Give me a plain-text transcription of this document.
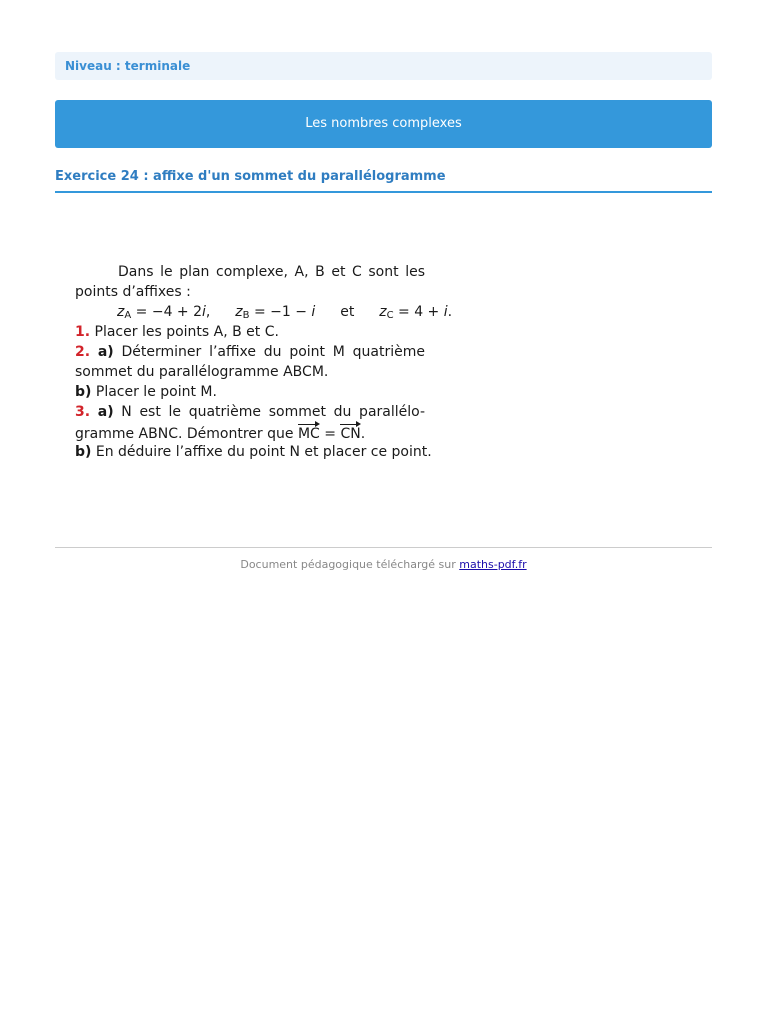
Niveau : terminale
Les nombres complexes
Exercice 24 : affixe d'un sommet du parallélogramme
Dans le plan complexe, A, B et C sont les
points d’affixes :
$z_A = -4 + 2i$, $z_B = -1 - i$ et $z_C = 4 + i$.
1. Placer les points A, B et C.
2. a) Déterminer l’affixe du point M quatrième
sommet du parallélogramme ABCM.
b) Placer le point M.
3. a) N est le quatrième sommet du parallélo-
gramme ABNC. Démontrer que MC = CN.
b) En déduire l’affixe du point N et placer ce point.
Document pédagogique téléchargé sur maths-pdf.fr
